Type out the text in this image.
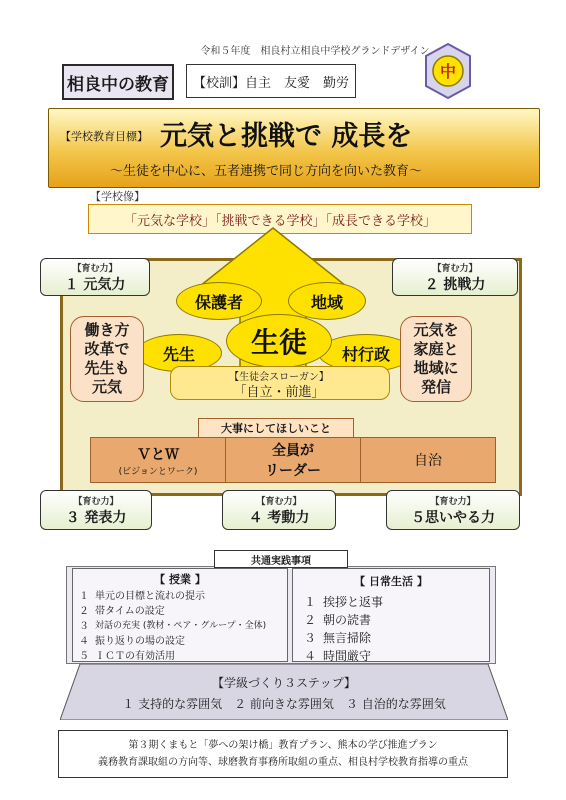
令和５年度　相良村立相良中学校グランドデザイン
相良中の教育	【校訓】自主　友愛　勤労
中
【学校教育目標】 元気と挑戦で 成長を
～生徒を中心に、五者連携で同じ方向を向いた教育～
【学校像】
「元気な学校」「挑戦できる学校」「成長できる学校」
【育む力】
１ 元気力
【育む力】
２ 挑戦力
保護者	地域
先生	村行政
生徒
働き方
改革で
先生も
元気
元気を
家庭と
地域に
発信
【生徒会スローガン】
「自立・前進」
大事にしてほしいこと
ＶとＷ
(ビジョンとワーク)
全員が
リーダー
自治
【育む力】
３ 発表力
【育む力】
４ 考動力
【育む力】
５思いやる力
共通実践事項
【 授業 】
１ 単元の目標と流れの提示
２ 帯タイムの設定
３ 対話の充実 (教材・ペア・グループ・全体)
４ 振り返りの場の設定
５ ＩＣＴの有効活用
【 日常生活 】
１ 挨拶と返事
２ 朝の読書
３ 無言掃除
４ 時間厳守
【学級づくり３ステップ】
１ 支持的な雰囲気　２ 前向きな雰囲気　３ 自治的な雰囲気
第３期くまもと「夢への架け橋」教育プラン、熊本の学び推進プラン
義務教育課取組の方向等、球磨教育事務所取組の重点、相良村学校教育指導の重点
